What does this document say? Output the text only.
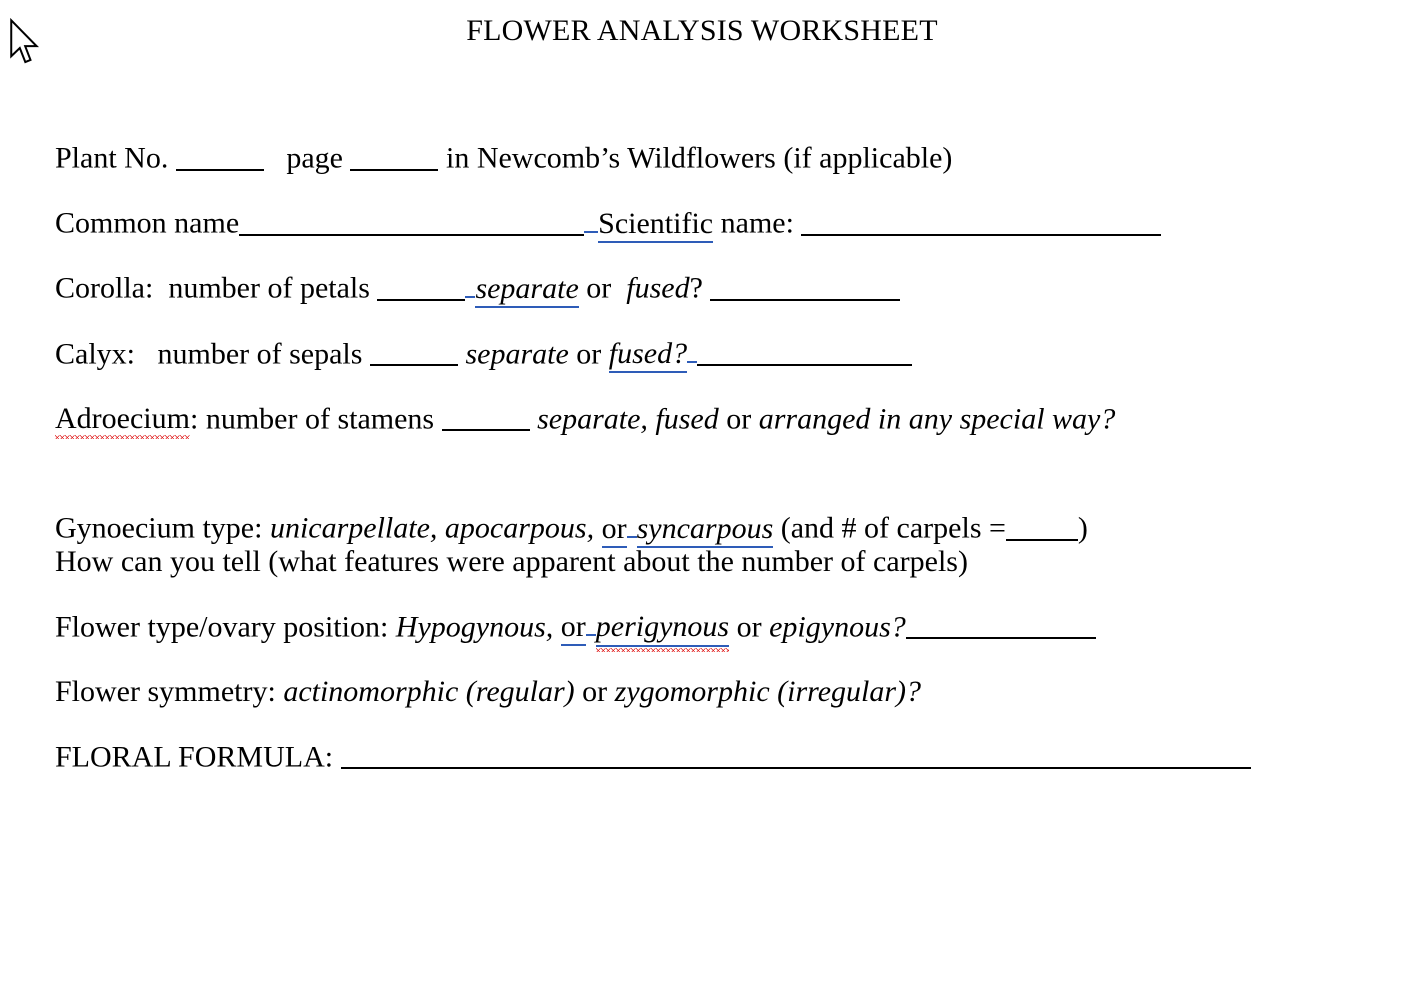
FLOWER ANALYSIS WORKSHEET
Plant No.	page	in Newcomb’s Wildflowers (if applicable)
Common name	Scientific name:
Corolla: number of petals	separate or fused?
Calyx: number of sepals	separate or fused?
Adroecium: number of stamens	separate, fused or arranged in any special way?
Gynoecium type: unicarpellate, apocarpous, or syncarpous (and # of carpels = )
How can you tell (what features were apparent about the number of carpels)
Flower type/ovary position: Hypogynous, or perigynous or epigynous?
Flower symmetry: actinomorphic (regular) or zygomorphic (irregular)?
FLORAL FORMULA:
